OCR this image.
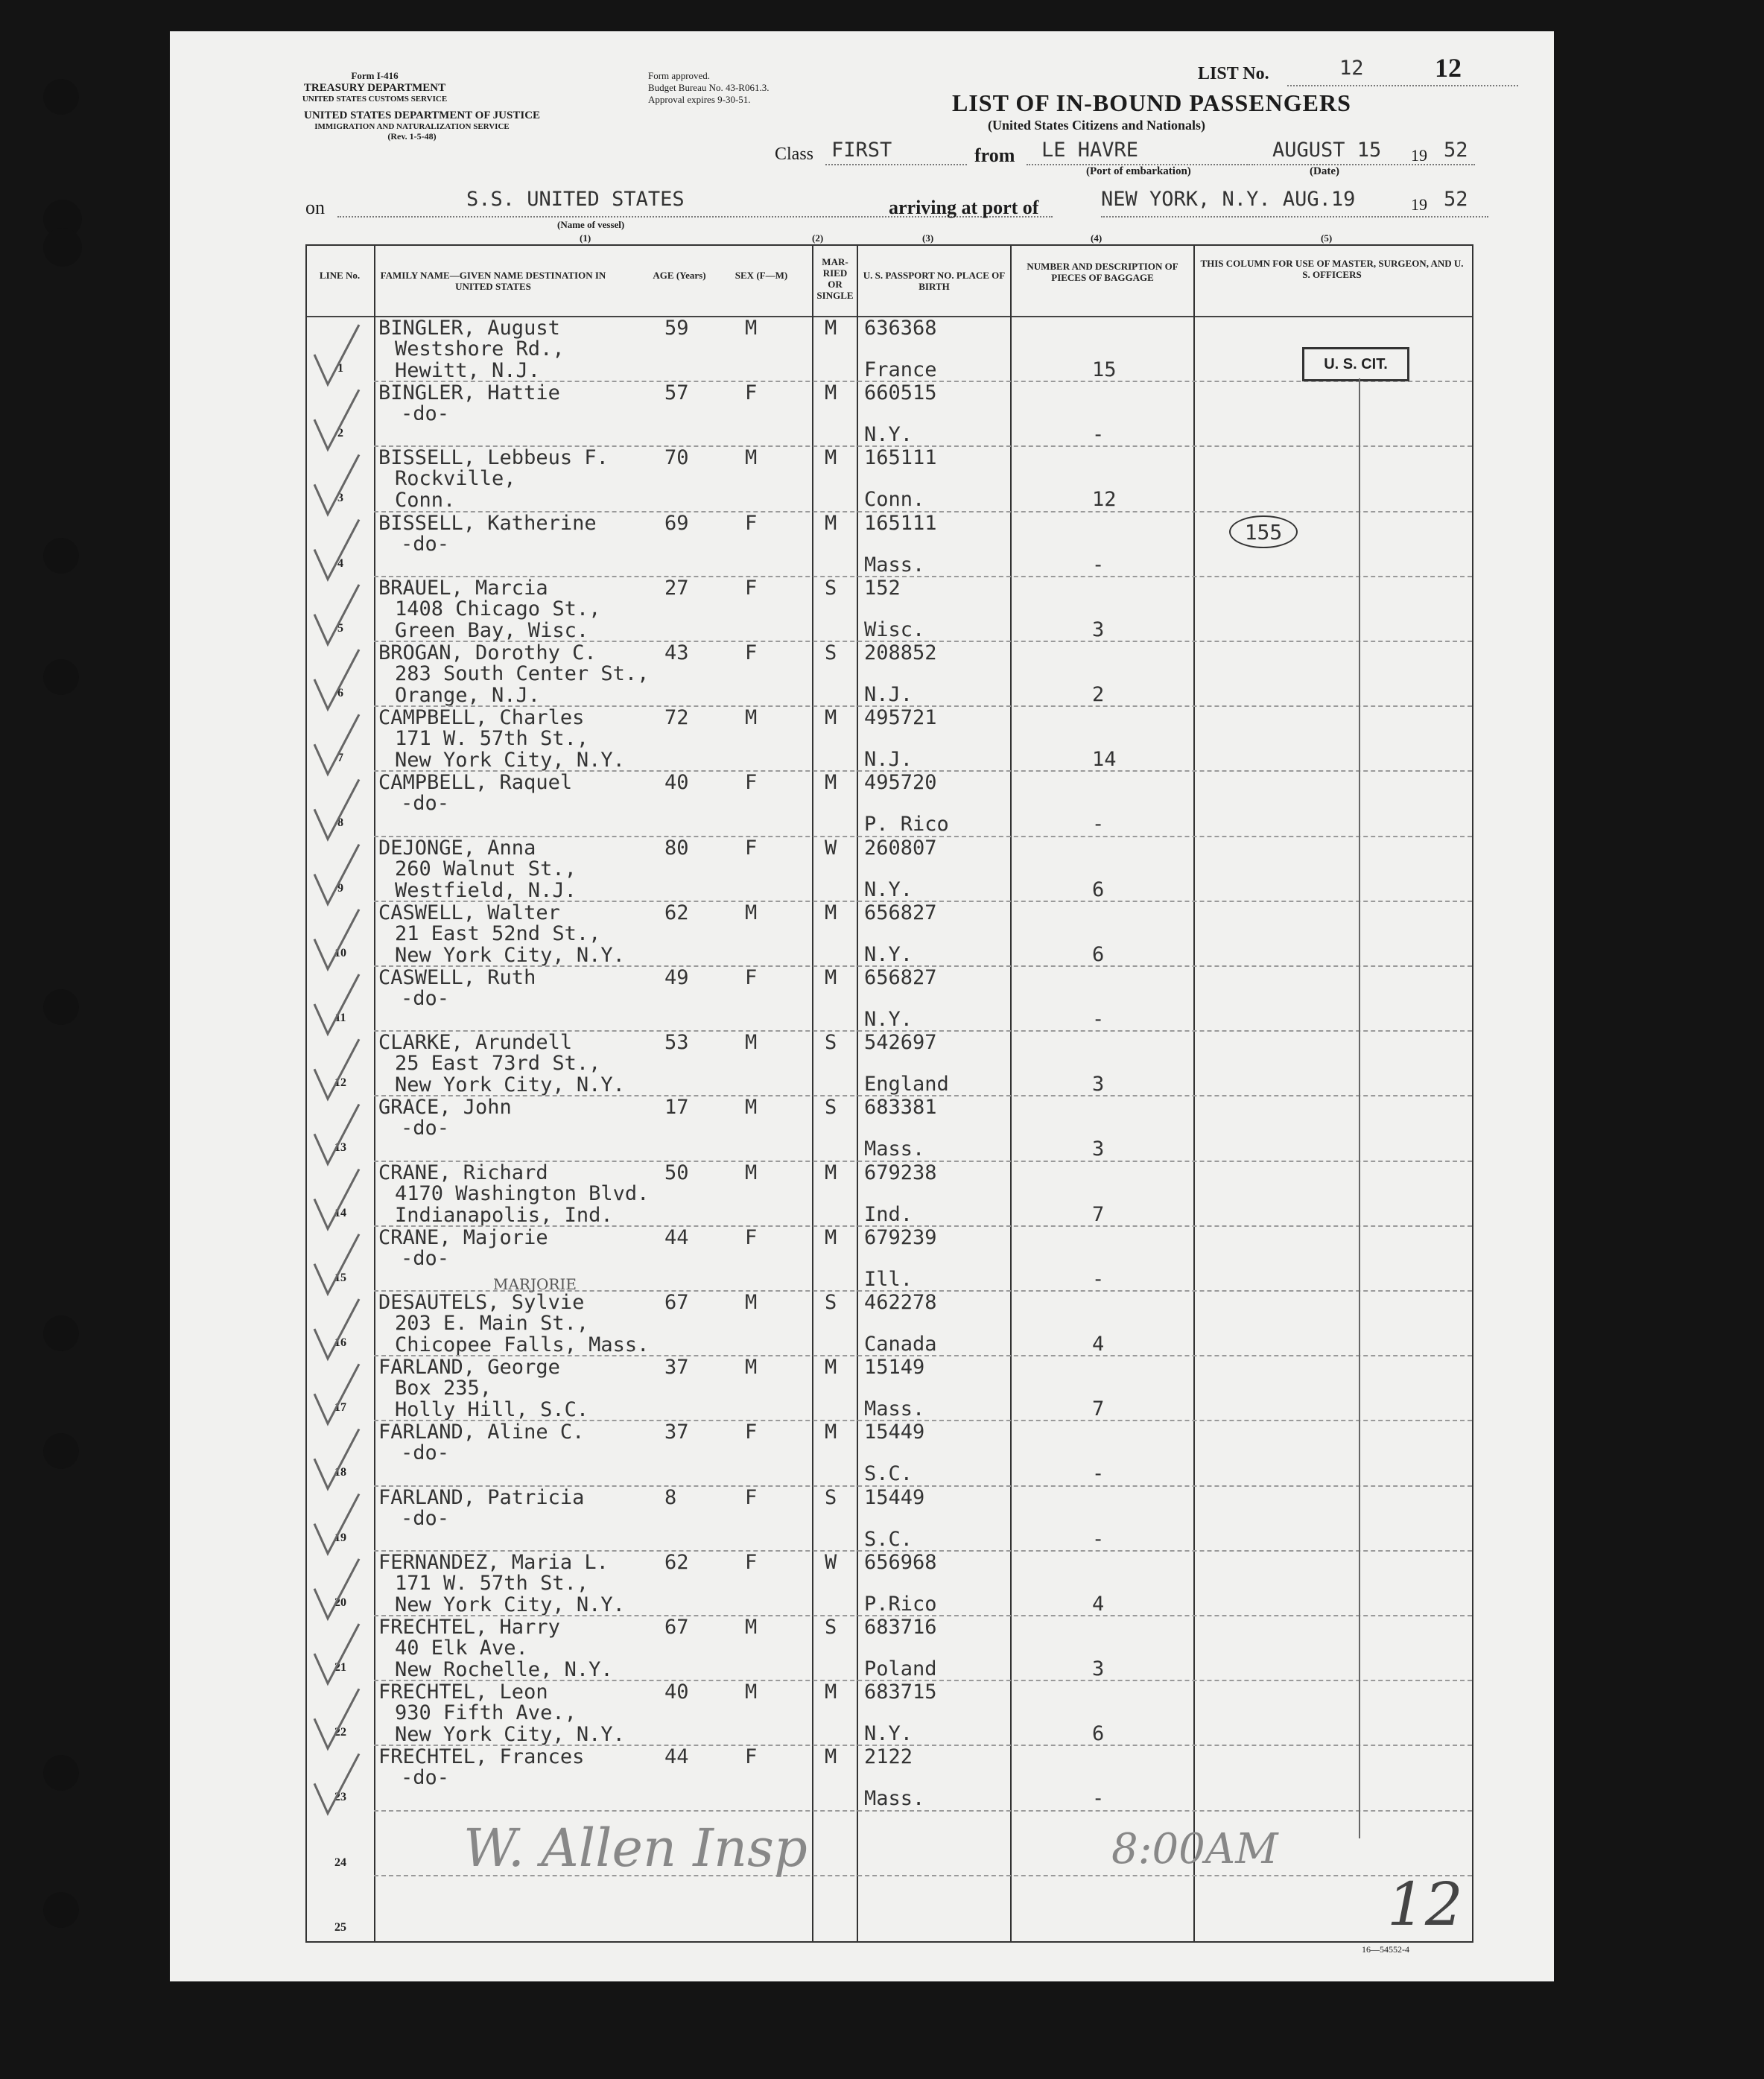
Form I-416
TREASURY DEPARTMENT
UNITED STATES CUSTOMS SERVICE
UNITED STATES DEPARTMENT OF JUSTICE
IMMIGRATION AND NATURALIZATION SERVICE
(Rev. 1-5-48)
Form approved.
Budget Bureau No. 43-R061.3.
Approval expires 9-30-51.
LIST No.	12	12
LIST OF IN-BOUND PASSENGERS
(United States Citizens and Nationals)
Class FIRST	from LE HAVRE
(Port of embarkation)
AUGUST 15 19 52
(Date)
on	S.S. UNITED STATES
(Name of vessel)
(1)
arriving at port of	NEW YORK, N.Y. AUG.19	19 52
(2)	(3)	(4)	(5)
LINE No.	FAMILY NAME—GIVEN NAME DESTINATION IN UNITED STATES
AGE (Years)	SEX (F—M)
MAR- RIED OR SINGLE
U. S. PASSPORT NO. PLACE OF BIRTH
NUMBER AND DESCRIPTION OF PIECES OF BAGGAGE
THIS COLUMN FOR USE OF MASTER, SURGEON, AND U. S. OFFICERS
1
BINGLER, August
Westshore Rd.,
Hewitt, N.J.
59	M	M 636368
France	15
2
BINGLER, Hattie
-do-
57	F	M 660515
N.Y.	-
3
BISSELL, Lebbeus F.
Rockville,
Conn.
70	M	M 165111
Conn.	12
4
BISSELL, Katherine
-do-
69	F	M 165111
Mass.	-
5
BRAUEL, Marcia
1408 Chicago St.,
Green Bay, Wisc.
27	F	S 152
Wisc.	3
6
BROGAN, Dorothy C.
283 South Center St.,
Orange, N.J.
43	F	S 208852
N.J.	2
7
CAMPBELL, Charles
171 W. 57th St.,
New York City, N.Y.
72	M	M 495721
N.J.	14
8
CAMPBELL, Raquel
-do-
40	F	M 495720
P. Rico	-
9
DEJONGE, Anna
260 Walnut St.,
Westfield, N.J.
80	F	W 260807
N.Y.	6
10
CASWELL, Walter
21 East 52nd St.,
New York City, N.Y.
62	M	M 656827
N.Y.	6
11
CASWELL, Ruth
-do-
49	F	M 656827
N.Y.	-
12
CLARKE, Arundell
25 East 73rd St.,
New York City, N.Y.
53	M	S 542697
England	3
13
GRACE, John
-do-
17	M	S 683381
Mass.	3
14
CRANE, Richard
4170 Washington Blvd.
Indianapolis, Ind.
50	M	M 679238
Ind.	7
15
CRANE, Majorie
-do-
44	F	M 679239
Ill.	-
16
DESAUTELS, Sylvie
203 E. Main St.,
Chicopee Falls, Mass.
67	M	S 462278
Canada	4
17
FARLAND, George
Box 235,
Holly Hill, S.C.
37	M	M 15149
Mass.	7
18
FARLAND, Aline C.
-do-
37	F	M 15449
S.C.	-
19
FARLAND, Patricia
-do-
8	F	S 15449
S.C.	-
20
FERNANDEZ, Maria L.
171 W. 57th St.,
New York City, N.Y.
62	F	W 656968
P.Rico	4
21
FRECHTEL, Harry
40 Elk Ave.
New Rochelle, N.Y.
67	M	S 683716
Poland	3
22
FRECHTEL, Leon
930 Fifth Ave.,
New York City, N.Y.
40	M	M 683715
N.Y.	6
23
FRECHTEL, Frances
-do-
44	F	M 2122
Mass.	-
24
25
U. S. CIT.
155
MARJORIE
W. Allen Insp	8:00AM
12
16—54552-4
